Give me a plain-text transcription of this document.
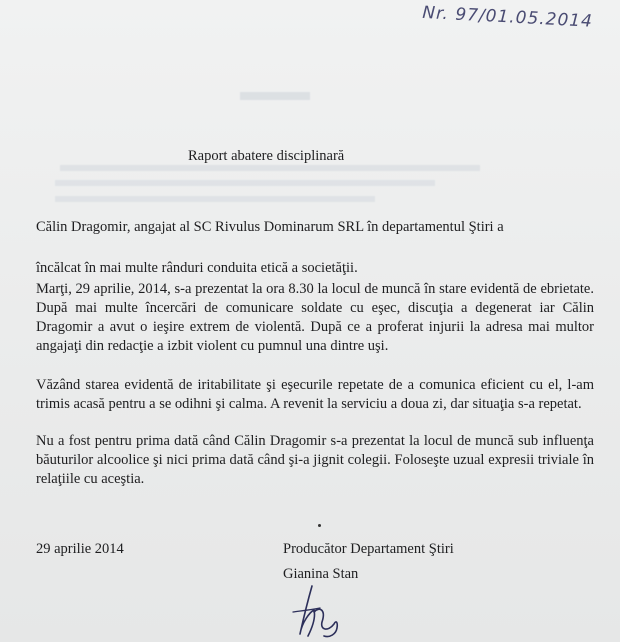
Nr. 97/01.05.2014
Raport abatere disciplinară
Călin Dragomir, angajat al SC Rivulus Dominarum SRL în departamentul Ştiri a
încălcat în mai multe rânduri conduita etică a societăţii.
Marţi, 29 aprilie, 2014, s-a prezentat la ora 8.30 la locul de muncă în stare evidentă de ebrietate. După mai multe încercări de comunicare soldate cu eşec, discuţia a degenerat iar Călin Dragomir a avut o ieşire extrem de violentă. După ce a proferat injurii la adresa mai multor angajaţi din redacţie a izbit violent cu pumnul una dintre uşi.
Văzând starea evidentă de iritabilitate şi eşecurile repetate de a comunica eficient cu el, l-am trimis acasă pentru a se odihni şi calma. A revenit la serviciu a doua zi, dar situaţia s-a repetat.
Nu a fost pentru prima dată când Călin Dragomir s-a prezentat la locul de muncă sub influenţa băuturilor alcoolice şi nici prima dată când şi-a jignit colegii. Foloseşte uzual expresii triviale în relaţiile cu aceştia.
29 aprilie 2014	Producător Departament Ştiri
Gianina Stan
